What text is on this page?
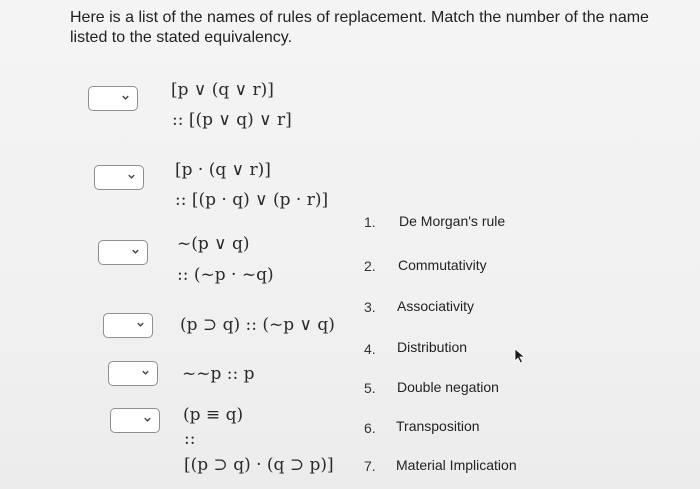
Here is a list of the names of rules of replacement. Match the number of the name listed to the stated equivalency.
[p ∨ (q ∨ r)]
:: [(p ∨ q) ∨ r]
[p · (q ∨ r)]
:: [(p · q) ∨ (p · r)]
~(p ∨ q)
:: (~p · ~q)
(p ⊃ q) :: (~p ∨ q)
~~p :: p
(p ≡ q)
::
[(p ⊃ q) · (q ⊃ p)]
1.	De Morgan's rule
2.	Commutativity
3.	Associativity
4.	Distribution
5.	Double negation
6.	Transposition
7.	Material Implication
